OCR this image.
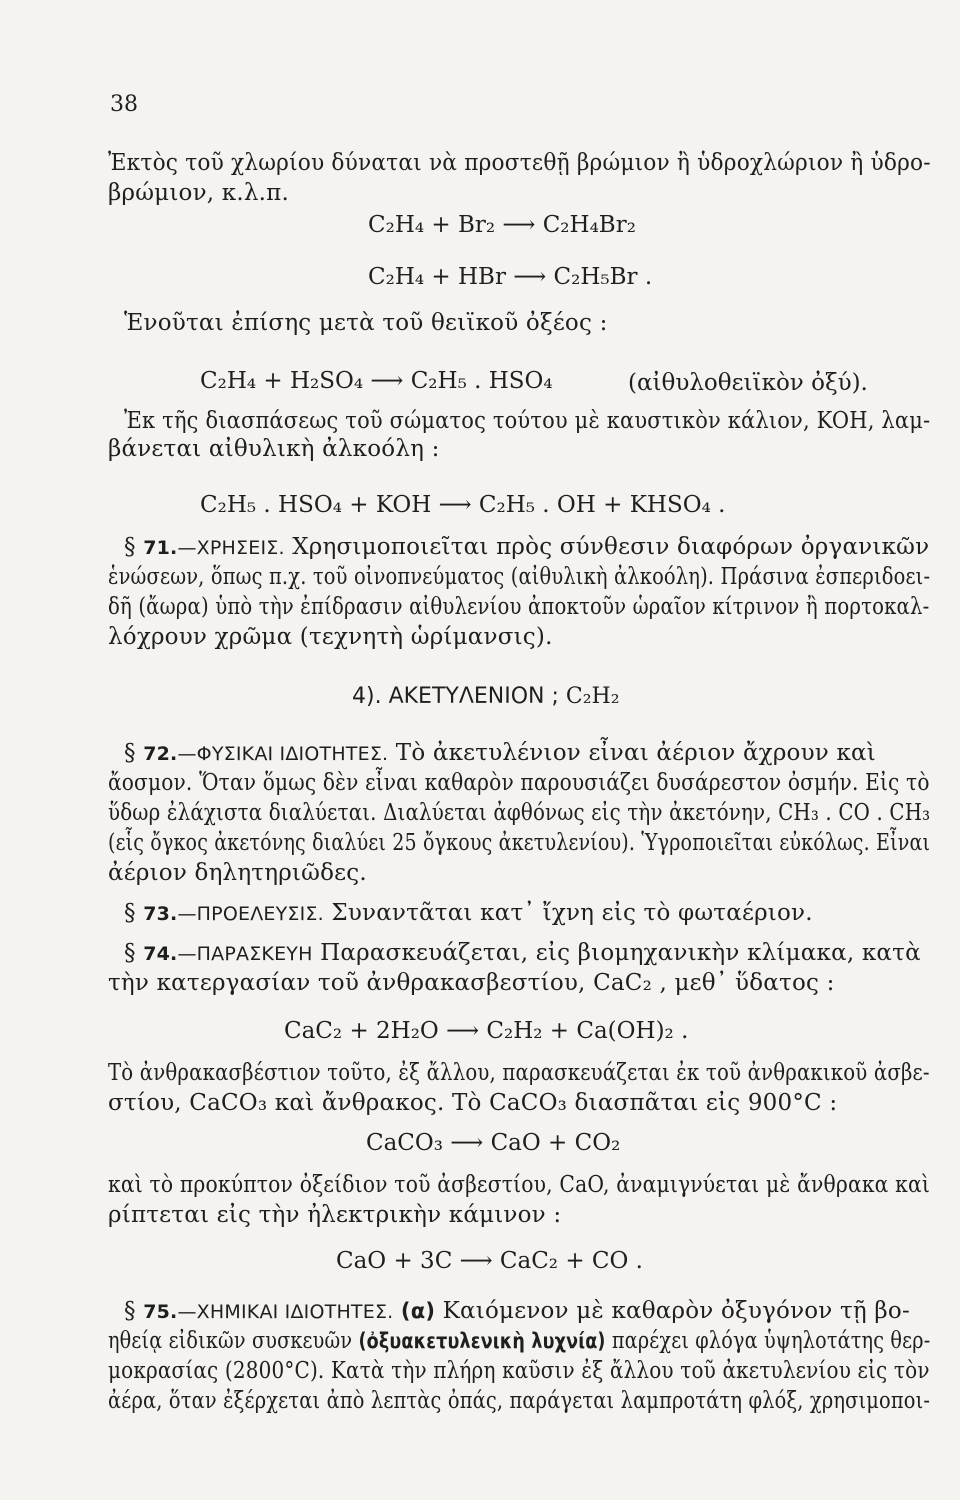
38
Ἐκτὸς τοῦ χλωρίου δύναται νὰ προστεθῇ βρώμιον ἢ ὑδροχλώριον ἢ ὑδρο-
βρώμιον, κ.λ.π.
C₂H₄ + Br₂ ⟶ C₂H₄Br₂
C₂H₄ + HBr ⟶ C₂H₅Br .
Ἑνοῦται ἐπίσης μετὰ τοῦ θειϊκοῦ ὀξέος :
C₂H₄ + H₂SO₄ ⟶ C₂H₅ . HSO₄	(αἰθυλοθειϊκὸν ὀξύ).
Ἐκ τῆς διασπάσεως τοῦ σώματος τούτου μὲ καυστικὸν κάλιον, KOH, λαμ-
βάνεται αἰθυλικὴ ἀλκοόλη :
C₂H₅ . HSO₄ + KOH ⟶ C₂H₅ . OH + KHSO₄ .
§ 71.—ΧΡΗΣΕΙΣ. Χρησιμοποιεῖται πρὸς σύνθεσιν διαφόρων ὀργανικῶν
ἑνώσεων, ὅπως π.χ. τοῦ οἰνοπνεύματος (αἰθυλικὴ ἀλκοόλη). Πράσινα ἐσπεριδοει-
δῆ (ἄωρα) ὑπὸ τὴν ἐπίδρασιν αἰθυλενίου ἀποκτοῦν ὡραῖον κίτρινον ἢ πορτοκαλ-
λόχρουν χρῶμα (τεχνητὴ ὡρίμανσις).
4). ΑΚΕΤΥΛΕΝΙΟΝ ; C₂H₂
§ 72.—ΦΥΣΙΚΑΙ ΙΔΙΟΤΗΤΕΣ. Τὸ ἀκετυλένιον εἶναι ἀέριον ἄχρουν καὶ
ἄοσμον. Ὅταν ὅμως δὲν εἶναι καθαρὸν παρουσιάζει δυσάρεστον ὀσμήν. Εἰς τὸ
ὕδωρ ἐλάχιστα διαλύεται. Διαλύεται ἀφθόνως εἰς τὴν ἀκετόνην, CH₃ . CO . CH₃
(εἷς ὄγκος ἀκετόνης διαλύει 25 ὄγκους ἀκετυλενίου). Ὑγροποιεῖται εὐκόλως. Εἶναι
ἀέριον δηλητηριῶδες.
§ 73.—ΠΡΟΕΛΕΥΣΙΣ. Συναντᾶται κατ᾽ ἴχνη εἰς τὸ φωταέριον.
§ 74.—ΠΑΡΑΣΚΕΥΗ Παρασκευάζεται, εἰς βιομηχανικὴν κλίμακα, κατὰ
τὴν κατεργασίαν τοῦ ἀνθρακασβεστίου, CaC₂ , μεθ᾽ ὕδατος :
CaC₂ + 2H₂O ⟶ C₂H₂ + Ca(OH)₂ .
Τὸ ἀνθρακασβέστιον τοῦτο, ἐξ ἄλλου, παρασκευάζεται ἐκ τοῦ ἀνθρακικοῦ ἀσβε-
στίου, CaCO₃ καὶ ἄνθρακος. Τὸ CaCO₃ διασπᾶται εἰς 900°C :
CaCO₃ ⟶ CaO + CO₂
καὶ τὸ προκύπτον ὀξείδιον τοῦ ἀσβεστίου, CaO, ἀναμιγνύεται μὲ ἄνθρακα καὶ
ρίπτεται εἰς τὴν ἠλεκτρικὴν κάμινον :
CaO + 3C ⟶ CaC₂ + CO .
§ 75.—ΧΗΜΙΚΑΙ ΙΔΙΟΤΗΤΕΣ. (α) Καιόμενον μὲ καθαρὸν ὀξυγόνον τῇ βο-
ηθείᾳ εἰδικῶν συσκευῶν (ὀξυακετυλενικὴ λυχνία) παρέχει φλόγα ὑψηλοτάτης θερ-
μοκρασίας (2800°C). Κατὰ τὴν πλήρη καῦσιν ἐξ ἄλλου τοῦ ἀκετυλενίου εἰς τὸν
ἀέρα, ὅταν ἐξέρχεται ἀπὸ λεπτὰς ὀπάς, παράγεται λαμπροτάτη φλόξ, χρησιμοποι-
